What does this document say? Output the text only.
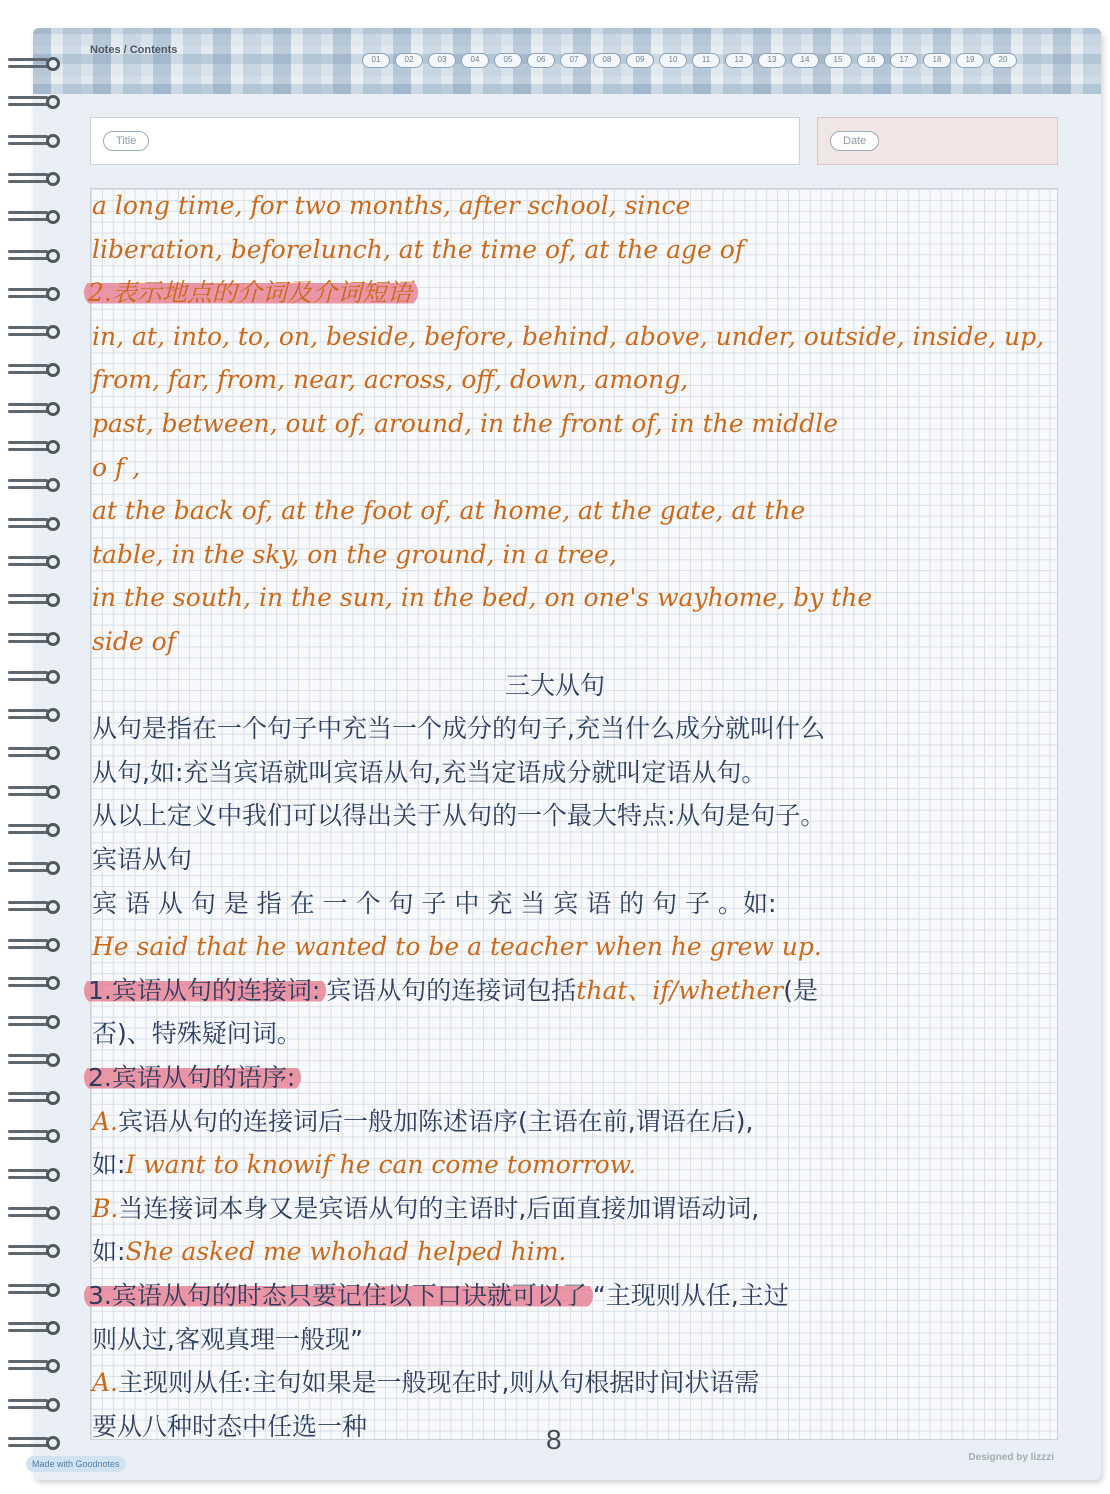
Notes / Contents
01	02	03	04	05	06	07	08	09	10	11	12	13	14	15	16	17	18	19	20
Title	Date
a long time, for two months, after school, since
liberation, beforelunch, at the time of, at the age of
2.表示地点的介词及介词短语
in, at, into, to, on, beside, before, behind, above, under, outside, inside, up,
from, far, from, near, across, off, down, among,
past, between, out of, around, in the front of, in the middle
o f ,
at the back of, at the foot of, at home, at the gate, at the
table, in the sky, on the ground, in a tree,
in the south, in the sun, in the bed, on one's wayhome, by the
side of
三大从句
从句是指在一个句子中充当一个成分的句子,充当什么成分就叫什么
从句,如:充当宾语就叫宾语从句,充当定语成分就叫定语从句。
从以上定义中我们可以得出关于从句的一个最大特点:从句是句子。
宾语从句
宾 语 从 句 是 指 在 一 个 句 子 中 充 当 宾 语 的 句 子 。如:
He said that he wanted to be a teacher when he grew up.
1.宾语从句的连接词: 宾语从句的连接词包括that、if/whether(是
否)、特殊疑问词。
2.宾语从句的语序:
A.宾语从句的连接词后一般加陈述语序(主语在前,谓语在后),
如:I want to knowif he can come tomorrow.
B.当连接词本身又是宾语从句的主语时,后面直接加谓语动词,
如:She asked me whohad helped him.
3.宾语从句的时态只要记住以下口诀就可以了 “主现则从任,主过
则从过,客观真理一般现”
A.主现则从任:主句如果是一般现在时,则从句根据时间状语需
要从八种时态中任选一种	8
Designed by lizzzi
Made with Goodnotes
